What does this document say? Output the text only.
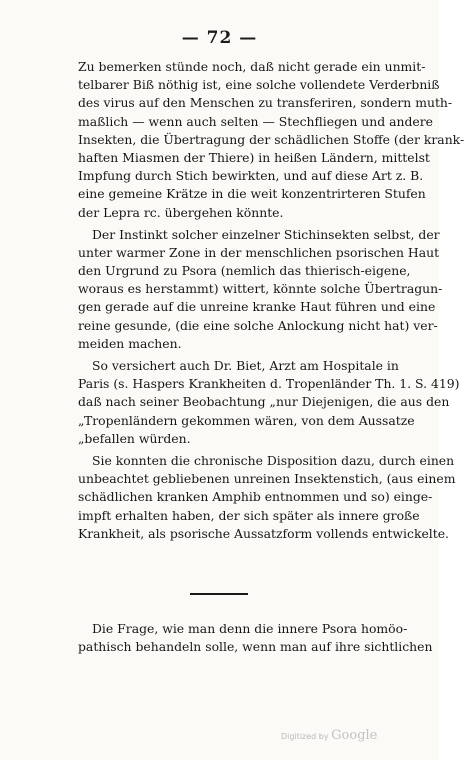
— 72 —
Zu bemerken stünde noch, daß nicht gerade ein unmit-
telbarer Biß nöthig ist, eine solche vollendete Verderbniß
des virus auf den Menschen zu transferiren, sondern muth-
maßlich — wenn auch selten — Stechfliegen und andere
Insekten, die Übertragung der schädlichen Stoffe (der krank-
haften Miasmen der Thiere) in heißen Ländern, mittelst
Impfung durch Stich bewirkten, und auf diese Art z. B.
eine gemeine Krätze in die weit konzentrirteren Stufen
der Lepra rc. übergehen könnte.
Der Instinkt solcher einzelner Stichinsekten selbst, der
unter warmer Zone in der menschlichen psorischen Haut
den Urgrund zu Psora (nemlich das thierisch-eigene,
woraus es herstammt) wittert, könnte solche Übertragun-
gen gerade auf die unreine kranke Haut führen und eine
reine gesunde, (die eine solche Anlockung nicht hat) ver-
meiden machen.
So versichert auch Dr. Biet, Arzt am Hospitale in
Paris (s. Haspers Krankheiten d. Tropenländer Th. 1. S. 419)
daß nach seiner Beobachtung „nur Diejenigen, die aus den
„Tropenländern gekommen wären, von dem Aussatze
„befallen würden.
Sie konnten die chronische Disposition dazu, durch einen
unbeachtet gebliebenen unreinen Insektenstich, (aus einem
schädlichen kranken Amphib entnommen und so) einge-
impft erhalten haben, der sich später als innere große
Krankheit, als psorische Aussatzform vollends entwickelte.
Die Frage, wie man denn die innere Psora homöo-
pathisch behandeln solle, wenn man auf ihre sichtlichen
Digitized by Google
